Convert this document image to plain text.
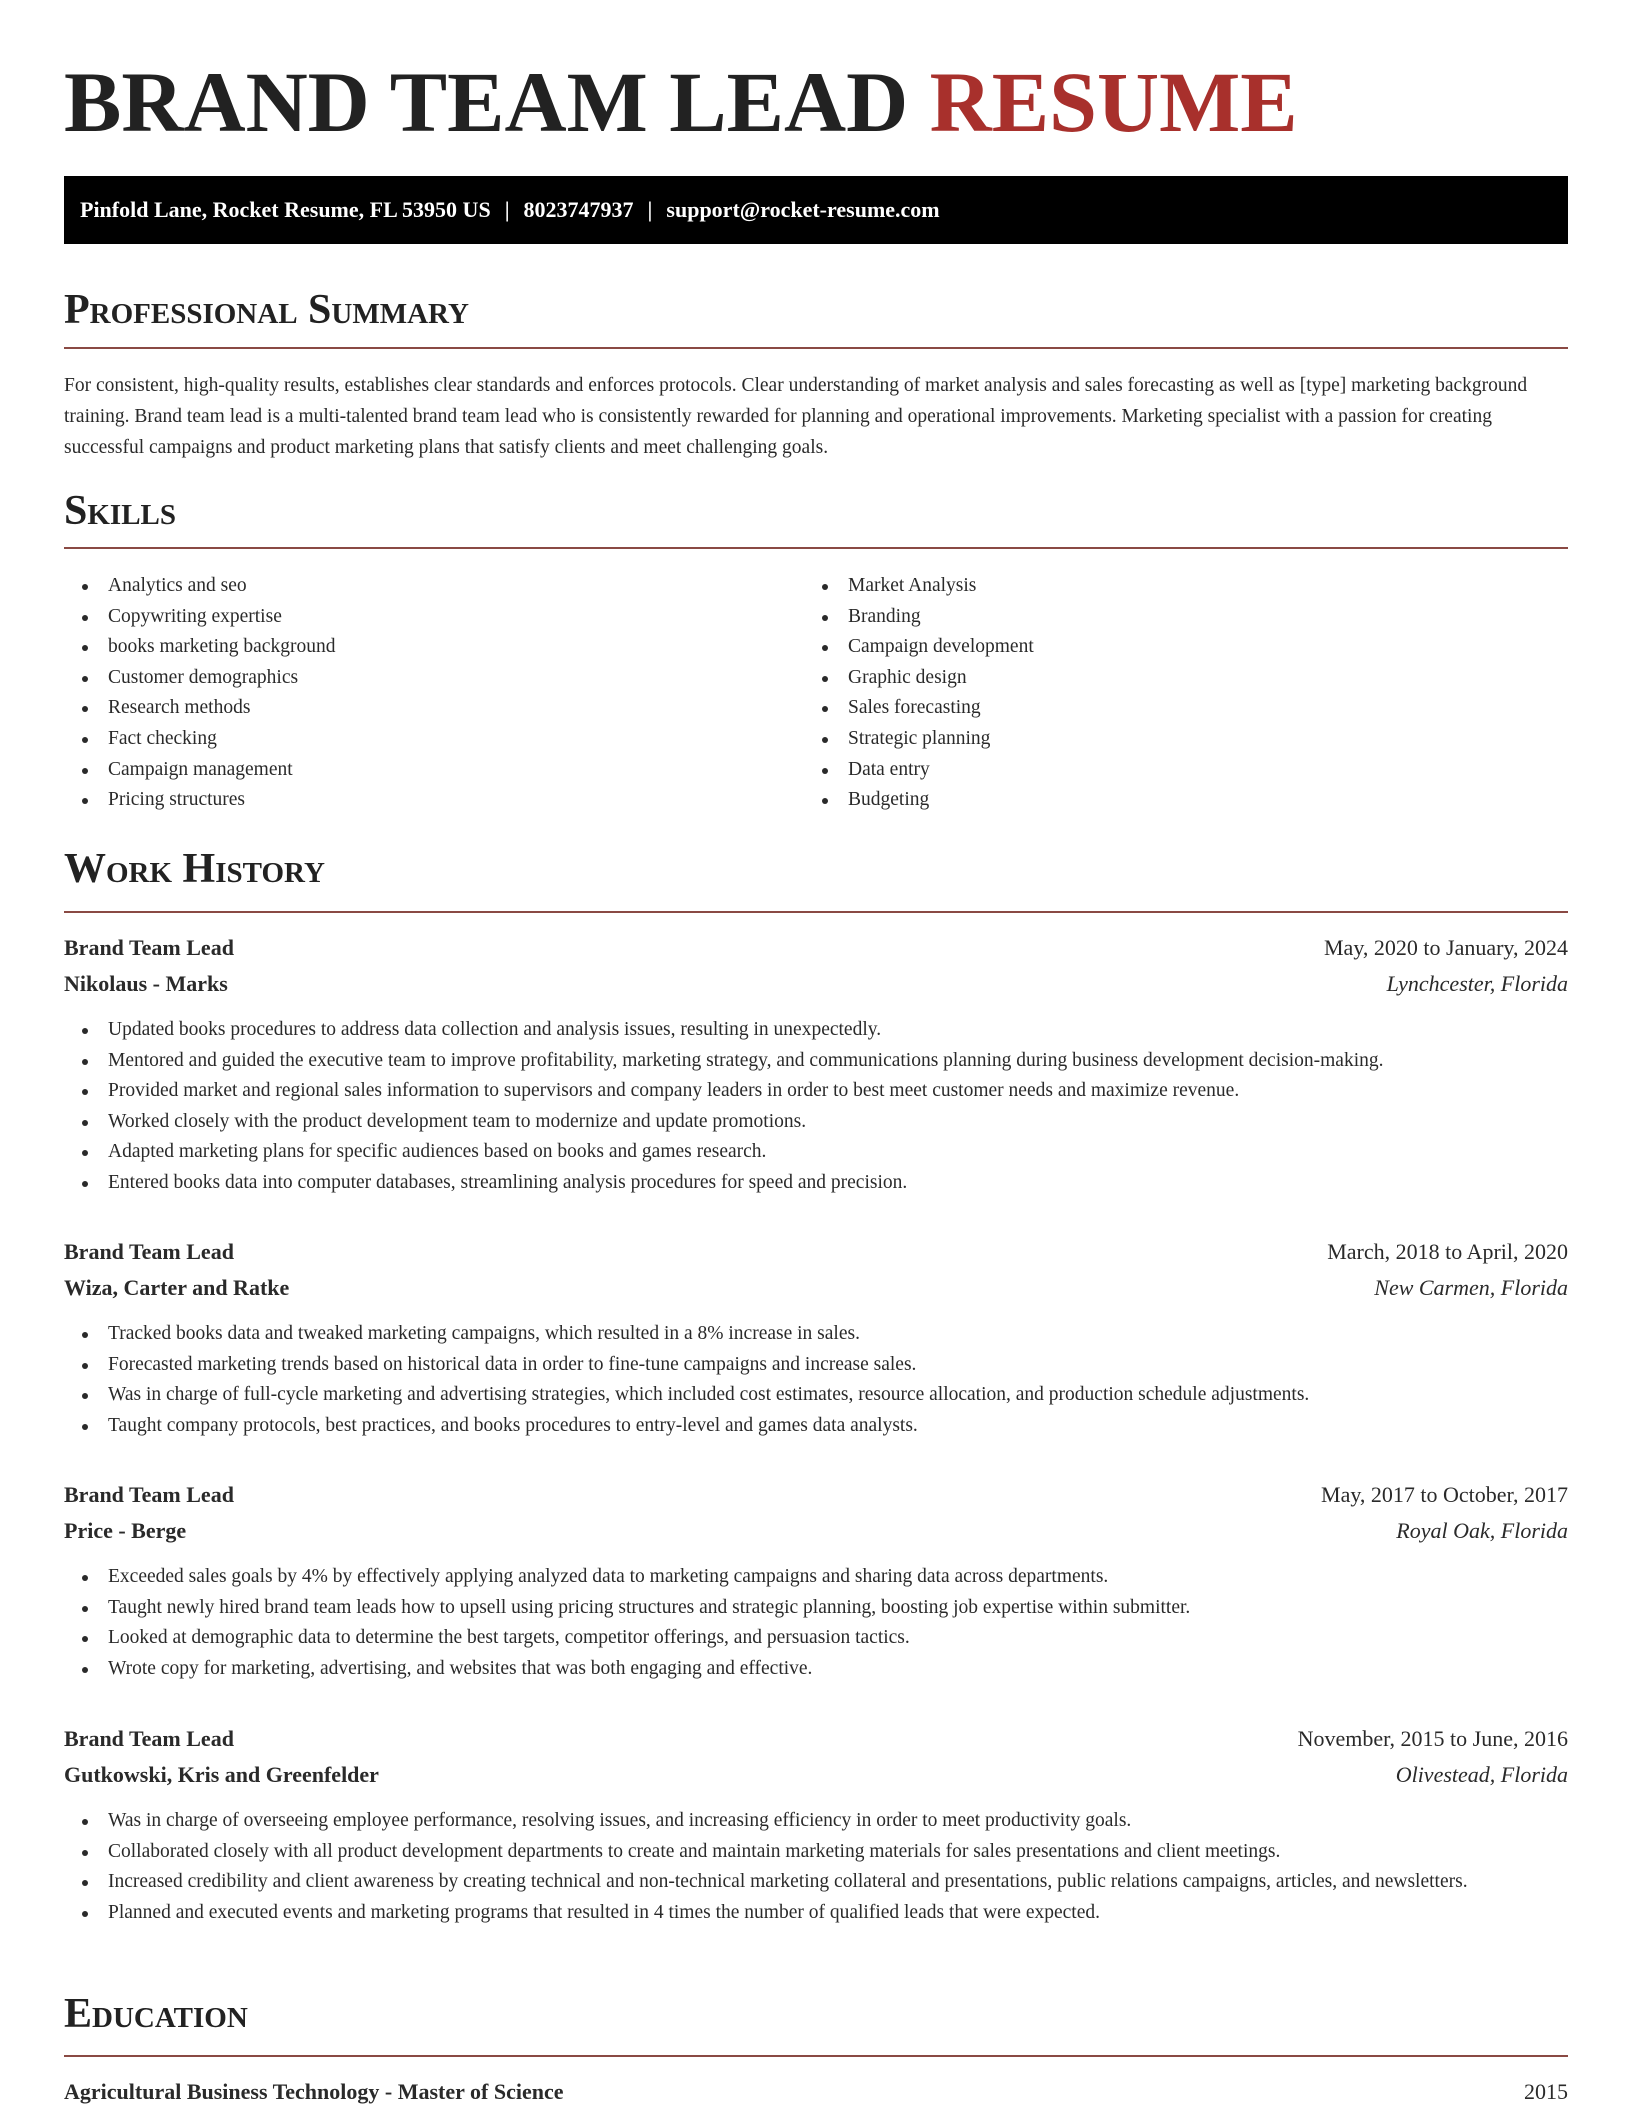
BRAND TEAM LEAD RESUME
Pinfold Lane, Rocket Resume, FL 53950 US | 8023747937 | support@rocket-resume.com
Professional Summary

For consistent, high-quality results, establishes clear standards and enforces protocols. Clear understanding of market analysis and sales forecasting as well as [type] marketing background training. Brand team lead is a multi-talented brand team lead who is consistently rewarded for planning and operational improvements. Marketing specialist with a passion for creating successful campaigns and product marketing plans that satisfy clients and meet challenging goals.

Skills
Analytics and seo
Copywriting expertise
books marketing background
Customer demographics
Research methods
Fact checking
Campaign management
Pricing structures
Market Analysis
Branding
Campaign development
Graphic design
Sales forecasting
Strategic planning
Data entry
Budgeting
Work History
Brand Team Lead	May, 2020 to January, 2024
Nikolaus - Marks	Lynchcester, Florida
Updated books procedures to address data collection and analysis issues, resulting in unexpectedly.
Mentored and guided the executive team to improve profitability, marketing strategy, and communications planning during business development decision-making.
Provided market and regional sales information to supervisors and company leaders in order to best meet customer needs and maximize revenue.
Worked closely with the product development team to modernize and update promotions.
Adapted marketing plans for specific audiences based on books and games research.
Entered books data into computer databases, streamlining analysis procedures for speed and precision.
Brand Team Lead	March, 2018 to April, 2020
Wiza, Carter and Ratke	New Carmen, Florida
Tracked books data and tweaked marketing campaigns, which resulted in a 8% increase in sales.
Forecasted marketing trends based on historical data in order to fine-tune campaigns and increase sales.
Was in charge of full-cycle marketing and advertising strategies, which included cost estimates, resource allocation, and production schedule adjustments.
Taught company protocols, best practices, and books procedures to entry-level and games data analysts.
Brand Team Lead	May, 2017 to October, 2017
Price - Berge	Royal Oak, Florida
Exceeded sales goals by 4% by effectively applying analyzed data to marketing campaigns and sharing data across departments.
Taught newly hired brand team leads how to upsell using pricing structures and strategic planning, boosting job expertise within submitter.
Looked at demographic data to determine the best targets, competitor offerings, and persuasion tactics.
Wrote copy for marketing, advertising, and websites that was both engaging and effective.
Brand Team Lead	November, 2015 to June, 2016
Gutkowski, Kris and Greenfelder	Olivestead, Florida
Was in charge of overseeing employee performance, resolving issues, and increasing efficiency in order to meet productivity goals.
Collaborated closely with all product development departments to create and maintain marketing materials for sales presentations and client meetings.
Increased credibility and client awareness by creating technical and non-technical marketing collateral and presentations, public relations campaigns, articles, and newsletters.
Planned and executed events and marketing programs that resulted in 4 times the number of qualified leads that were expected.
Education
Agricultural Business Technology - Master of Science	2015
